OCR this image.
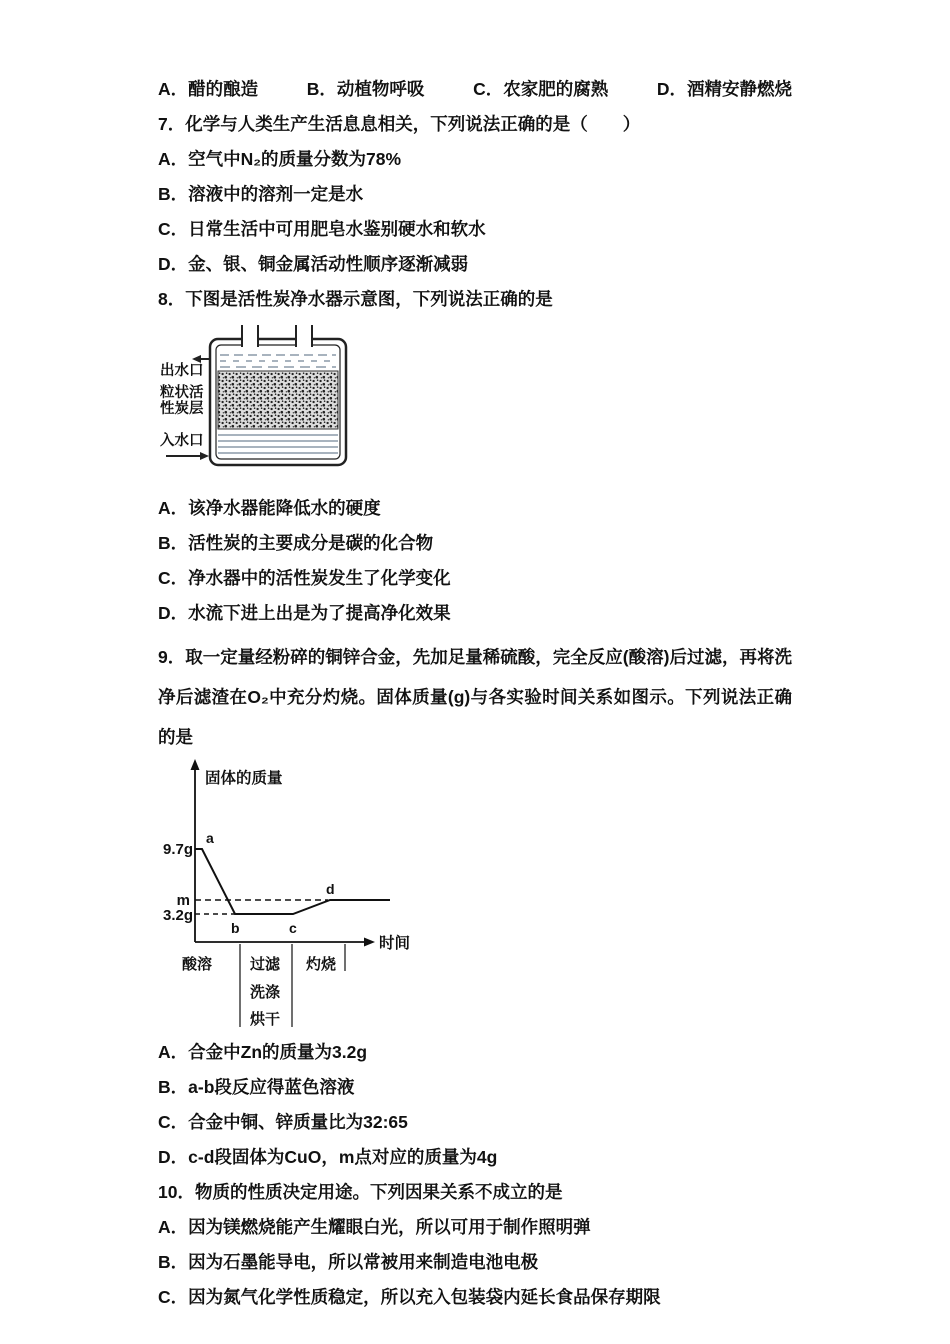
A．醋的酿造	B．动植物呼吸	C．农家肥的腐熟	D．酒精安静燃烧

7．化学与人类生产生活息息相关，下列说法正确的是（　　）

A．空气中N₂的质量分数为78%

B．溶液中的溶剂一定是水

C．日常生活中可用肥皂水鉴别硬水和软水

D．金、银、铜金属活动性顺序逐渐减弱

8．下图是活性炭净水器示意图，下列说法正确的是

出水口
粒状活性炭层
入水口

A．该净水器能降低水的硬度

B．活性炭的主要成分是碳的化合物

C．净水器中的活性炭发生了化学变化

D．水流下进上出是为了提高净化效果

9．取一定量经粉碎的铜锌合金，先加足量稀硫酸，完全反应(酸溶)后过滤，再将洗净后滤渣在O₂中充分灼烧。固体质量(g)与各实验时间关系如图示。下列说法正确的是

固体的质量
9.7g
m
3.2g
a
b	c
d
时间
酸溶	过滤
洗涤
烘干
灼烧

A．合金中Zn的质量为3.2g

B．a-b段反应得蓝色溶液

C．合金中铜、锌质量比为32:65

D．c-d段固体为CuO，m点对应的质量为4g

10．物质的性质决定用途。下列因果关系不成立的是

A．因为镁燃烧能产生耀眼白光，所以可用于制作照明弹

B．因为石墨能导电，所以常被用来制造电池电极

C．因为氮气化学性质稳定，所以充入包装袋内延长食品保存期限
